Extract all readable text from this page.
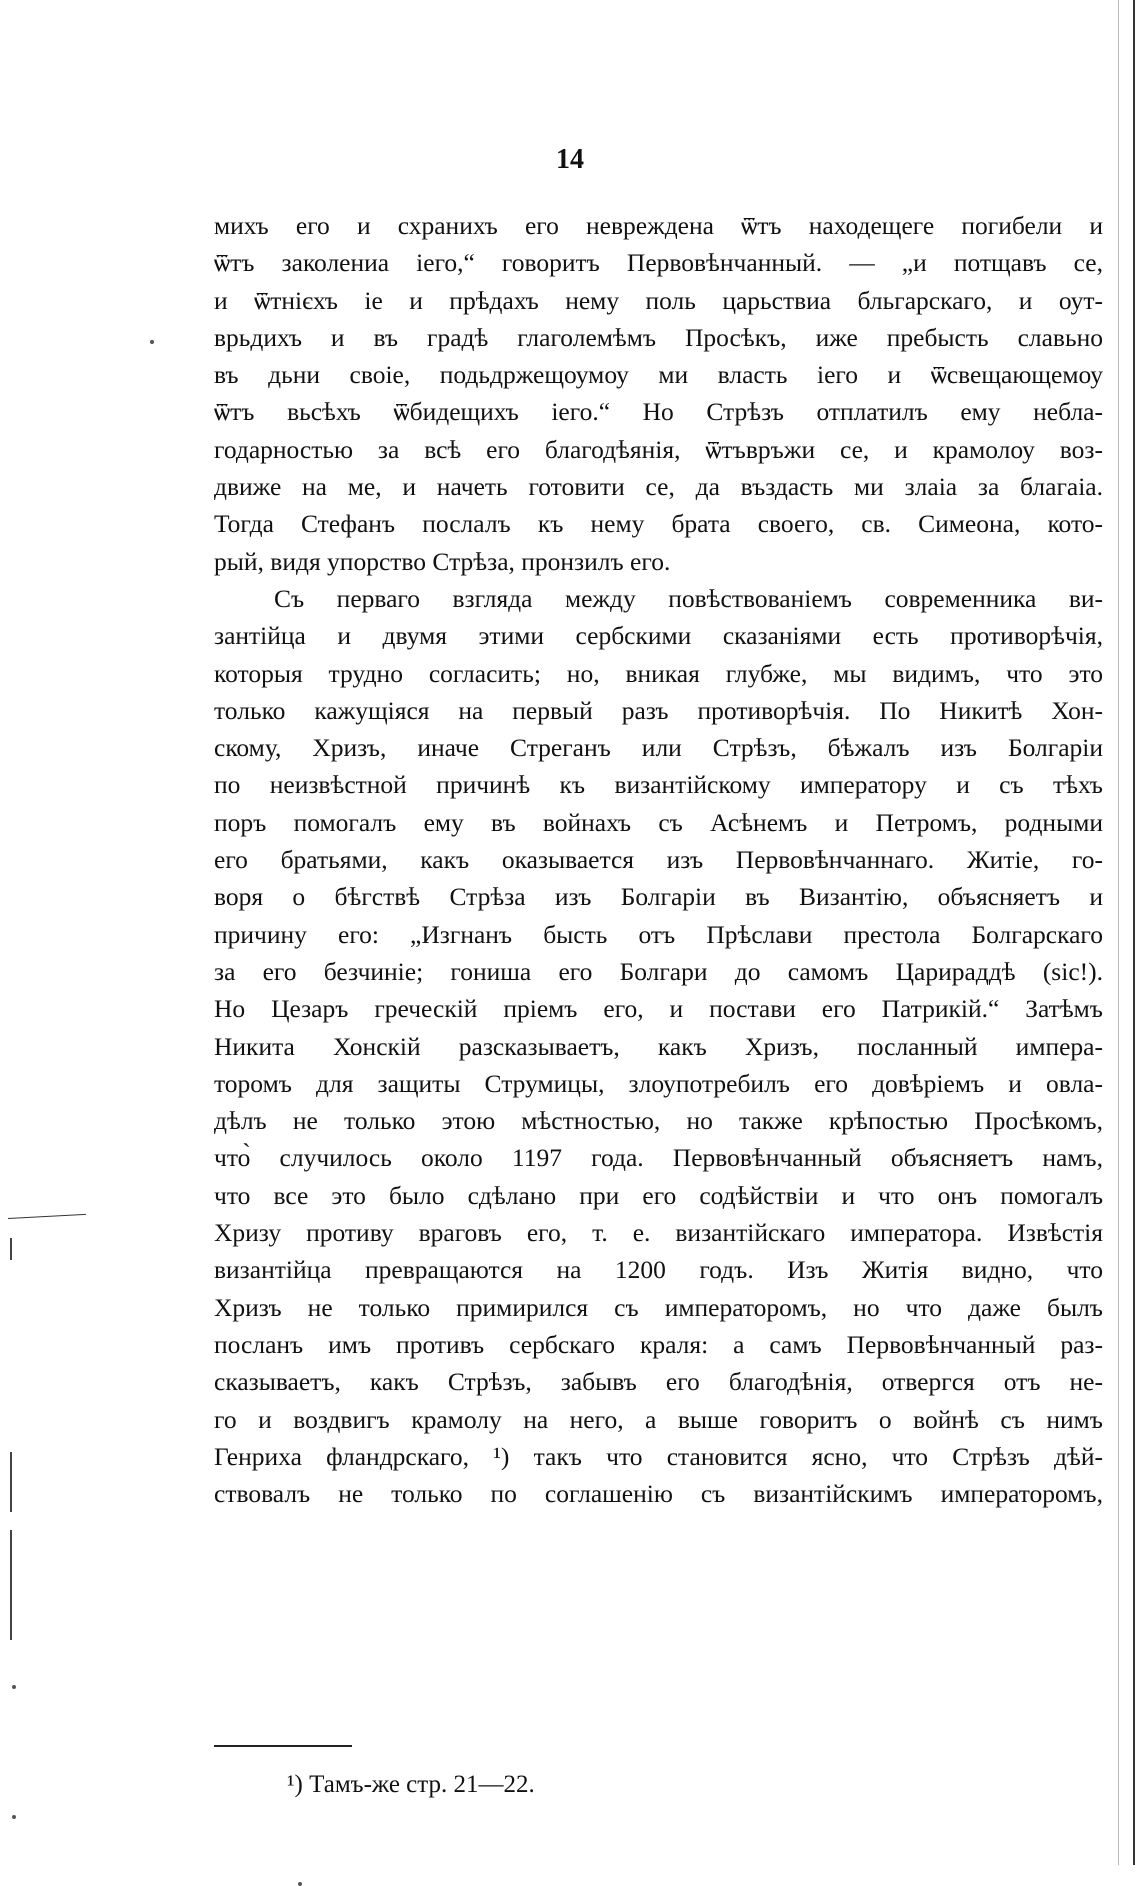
14
михъ его и схранихъ его невреждена ѿтъ находещеге погибели и
ѿтъ заколениа іего,“ говоритъ Первовѣнчанный. — „и потщавъ се,
и ѿтнієхъ іе и прѣдахъ нему поль царьствиа бльгарскаго, и оут-
врьдихъ и въ градѣ глаголемѣмъ Просѣкъ, иже пребысть славьно
въ дьни своіе, подьдржещоумоу ми власть іего и ѿсвещающемоу
ѿтъ вьсѣхъ ѿбидещихъ іего.“ Но Стрѣзъ отплатилъ ему небла-
годарностью за всѣ его благодѣянія, ѿтъвръжи се, и крамолоу воз-
движе на ме, и начеть готовити се, да въздасть ми злаіа за благаіа.
Тогда Стефанъ послалъ къ нему брата своего, св. Симеона, кото-
рый, видя упорство Стрѣза, пронзилъ его.
Съ перваго взгляда между повѣствованіемъ современника ви-
зантійца и двумя этими сербскими сказаніями есть противорѣчія,
которыя трудно согласить; но, вникая глубже, мы видимъ, что это
только кажущіяся на первый разъ противорѣчія. По Никитѣ Хон-
скому, Хризъ, иначе Стреганъ или Стрѣзъ, бѣжалъ изъ Болгаріи
по неизвѣстной причинѣ къ византійскому императору и съ тѣхъ
поръ помогалъ ему въ войнахъ съ Асѣнемъ и Петромъ, родными
его братьями, какъ оказывается изъ Первовѣнчаннаго. Житіе, го-
воря о бѣгствѣ Стрѣза изъ Болгаріи въ Византію, объясняетъ и
причину его: „Изгнанъ бысть отъ Прѣслави престола Болгарскаго
за его безчиніе; гониша его Болгари до самомъ Царираддѣ (sic!).
Но Цезаръ греческій пріемъ его, и постави его Патрикій.“ Затѣмъ
Никита Хонскій разсказываетъ, какъ Хризъ, посланный импера-
торомъ для защиты Струмицы, злоупотребилъ его довѣріемъ и овла-
дѣлъ не только этою мѣстностью, но также крѣпостью Просѣкомъ,
что̀ случилось около 1197 года. Первовѣнчанный объясняетъ намъ,
что все это было сдѣлано при его содѣйствіи и что онъ помогалъ
Хризу противу враговъ его, т. е. византійскаго императора. Извѣстія
византійца превращаются на 1200 годъ. Изъ Житія видно, что
Хризъ не только примирился съ императоромъ, но что даже былъ
посланъ имъ противъ сербскаго краля: а самъ Первовѣнчанный раз-
сказываетъ, какъ Стрѣзъ, забывъ его благодѣнія, отвергся отъ не-
го и воздвигъ крамолу на него, а выше говоритъ о войнѣ съ нимъ
Генриха фландрскаго, ¹) такъ что становится ясно, что Стрѣзъ дѣй-
ствовалъ не только по соглашенію съ византійскимъ императоромъ,
¹) Тамъ-же стр. 21—22.
